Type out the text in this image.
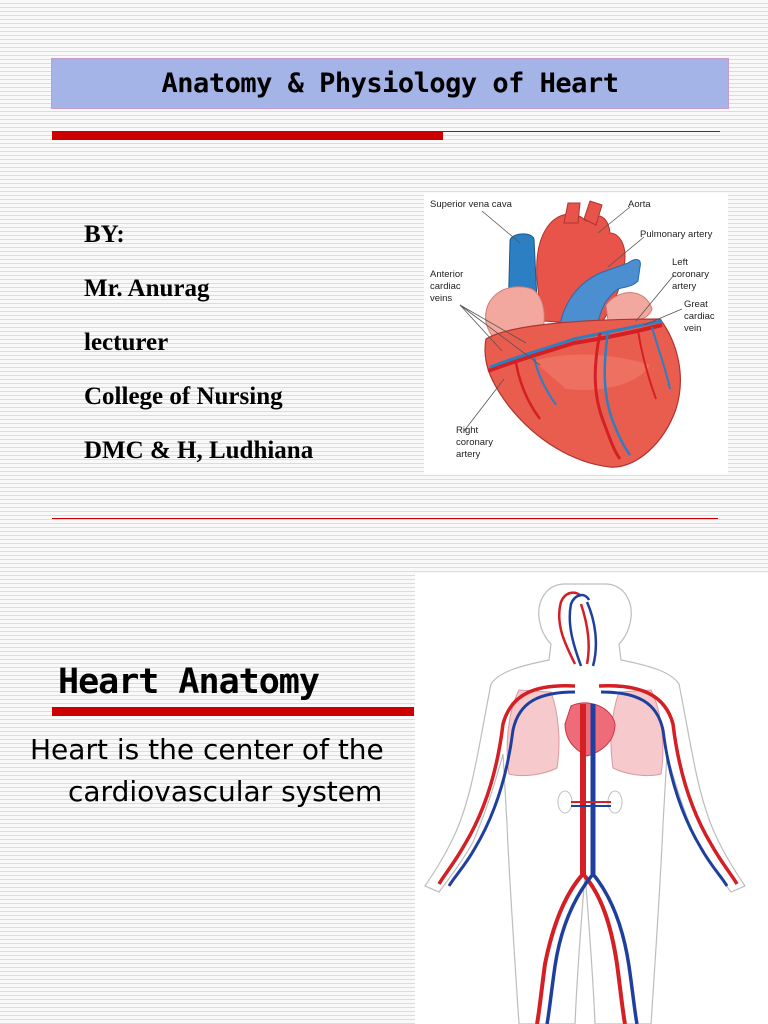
Anatomy & Physiology of Heart
BY:
Mr. Anurag
lecturer
College of Nursing
DMC & H, Ludhiana
Superior vena cava	Aorta
Pulmonary artery
Anterior
cardiac
veins
Left
coronary
artery
Great
cardiac
vein
Right
coronary
artery
Heart Anatomy

Heart is the center of the cardiovascular system
